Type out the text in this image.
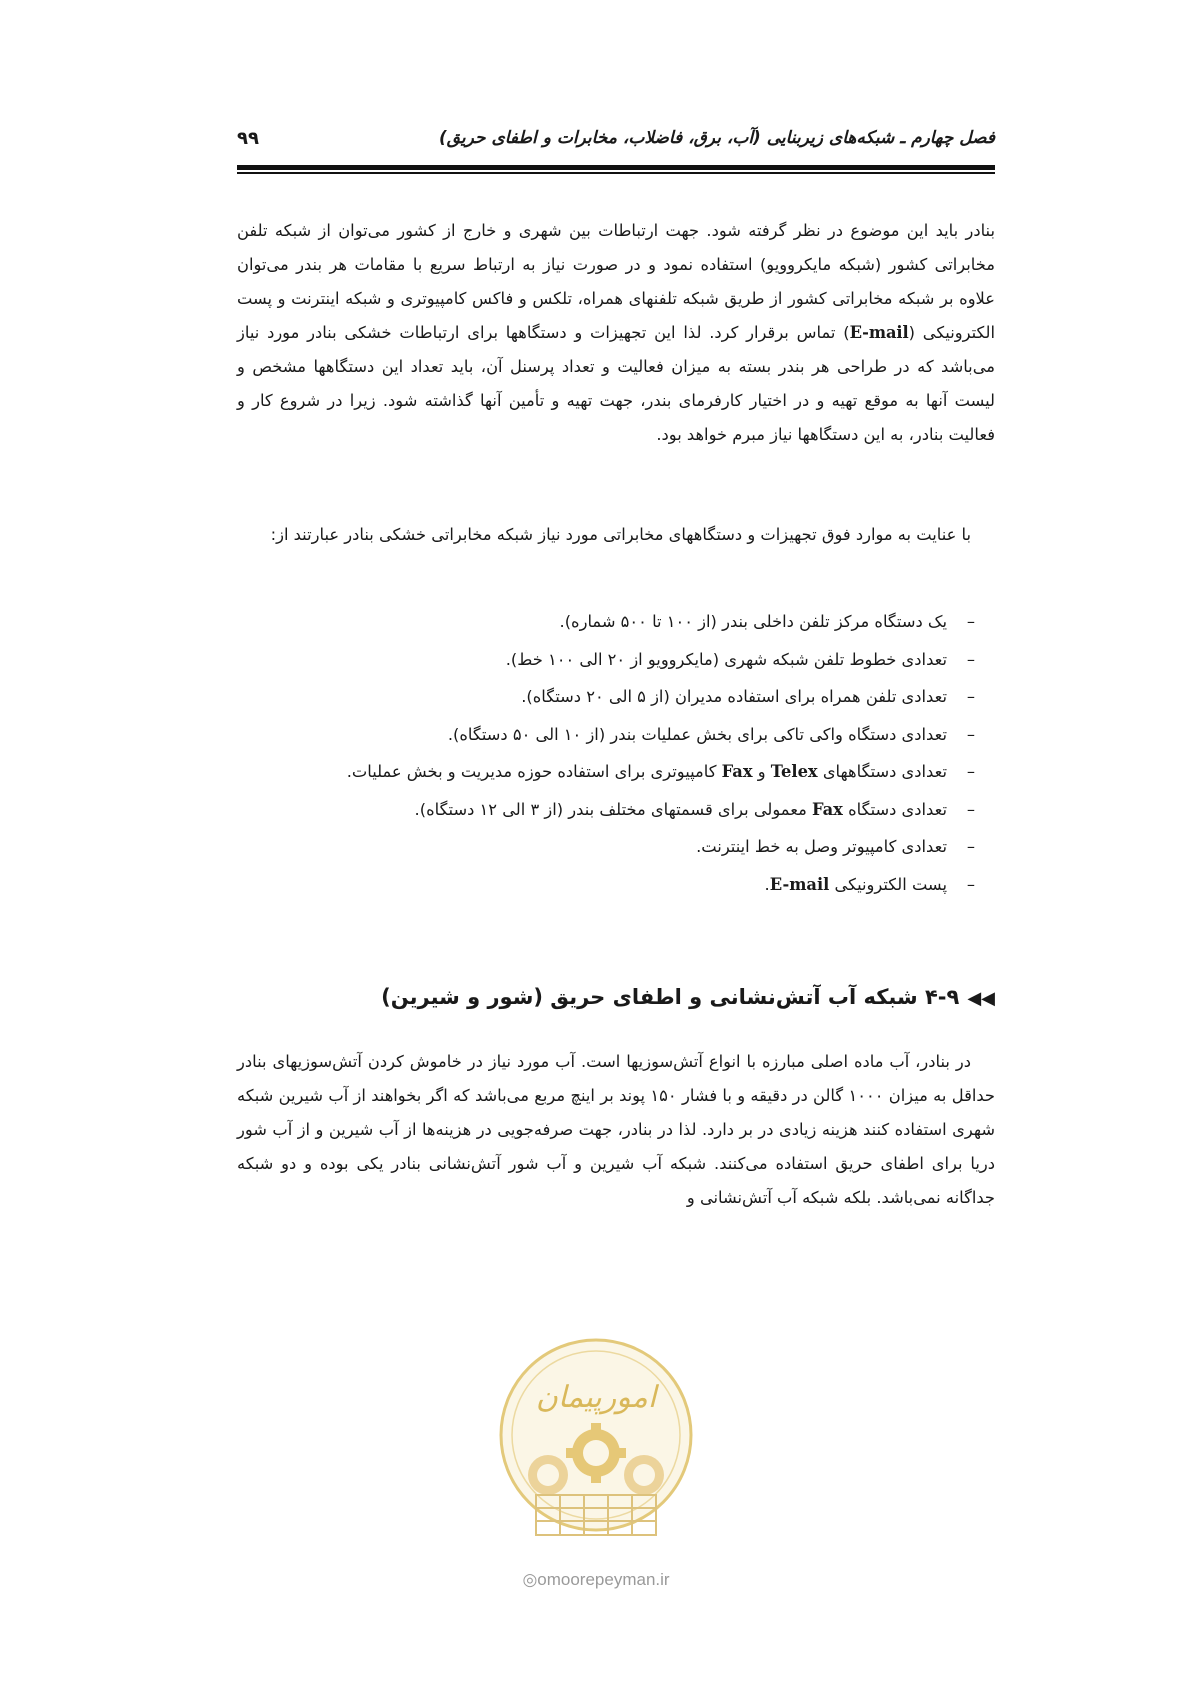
فصل چهارم ـ شبکه‌های زیربنایی (آب، برق، فاضلاب، مخابرات و اطفای حریق)
۹۹

بنادر باید این موضوع در نظر گرفته شود. جهت ارتباطات بین شهری و خارج از کشور می‌توان از شبکه تلفن مخابراتی کشور (شبکه مایکروویو) استفاده نمود و در صورت نیاز به ارتباط سریع با مقامات هر بندر می‌توان علاوه بر شبکه مخابراتی کشور از طریق شبکه تلفنهای همراه، تلکس و فاکس کامپیوتری و شبکه اینترنت و پست الکترونیکی (E-mail) تماس برقرار کرد. لذا این تجهیزات و دستگاهها برای ارتباطات خشکی بنادر مورد نیاز می‌باشد که در طراحی هر بندر بسته به میزان فعالیت و تعداد پرسنل آن، باید تعداد این دستگاهها مشخص و لیست آنها به موقع تهیه و در اختیار کارفرمای بندر، جهت تهیه و تأمین آنها گذاشته شود. زیرا در شروع کار و فعالیت بنادر، به این دستگاهها نیاز مبرم خواهد بود.

با عنایت به موارد فوق تجهیزات و دستگاههای مخابراتی مورد نیاز شبکه مخابراتی خشکی بنادر عبارتند از:

–
یک دستگاه مرکز تلفن داخلی بندر (از ۱۰۰ تا ۵۰۰ شماره).
–
تعدادی خطوط تلفن شبکه شهری (مایکروویو از ۲۰ الی ۱۰۰ خط).
–
تعدادی تلفن همراه برای استفاده مدیران (از ۵ الی ۲۰ دستگاه).
–
تعدادی دستگاه واکی تاکی برای بخش عملیات بندر (از ۱۰ الی ۵۰ دستگاه).
–
تعدادی دستگاههای Telex و Fax کامپیوتری برای استفاده حوزه مدیریت و بخش عملیات.
–
تعدادی دستگاه Fax معمولی برای قسمتهای مختلف بندر (از ۳ الی ۱۲ دستگاه).
–
تعدادی کامپیوتر وصل به خط اینترنت.
–
پست الکترونیکی E-mail.
◀◀۴-۹ شبکه آب آتش‌نشانی و اطفای حریق (شور و شیرین)

در بنادر، آب ماده اصلی مبارزه با انواع آتش‌سوزیها است. آب مورد نیاز در خاموش کردن آتش‌سوزیهای بنادر حداقل به میزان ۱۰۰۰ گالن در دقیقه و با فشار ۱۵۰ پوند بر اینچ مربع می‌باشد که اگر بخواهند از آب شیرین شبکه شهری استفاده کنند هزینه زیادی در بر دارد. لذا در بنادر، جهت صرفه‌جویی در هزینه‌ها از آب شیرین و از آب شور دریا برای اطفای حریق استفاده می‌کنند. شبکه آب شیرین و آب شور آتش‌نشانی بنادر یکی بوده و دو شبکه جداگانه نمی‌باشد. بلکه شبکه آب آتش‌نشانی و

امورپیمان
◎omoorepeyman.ir
